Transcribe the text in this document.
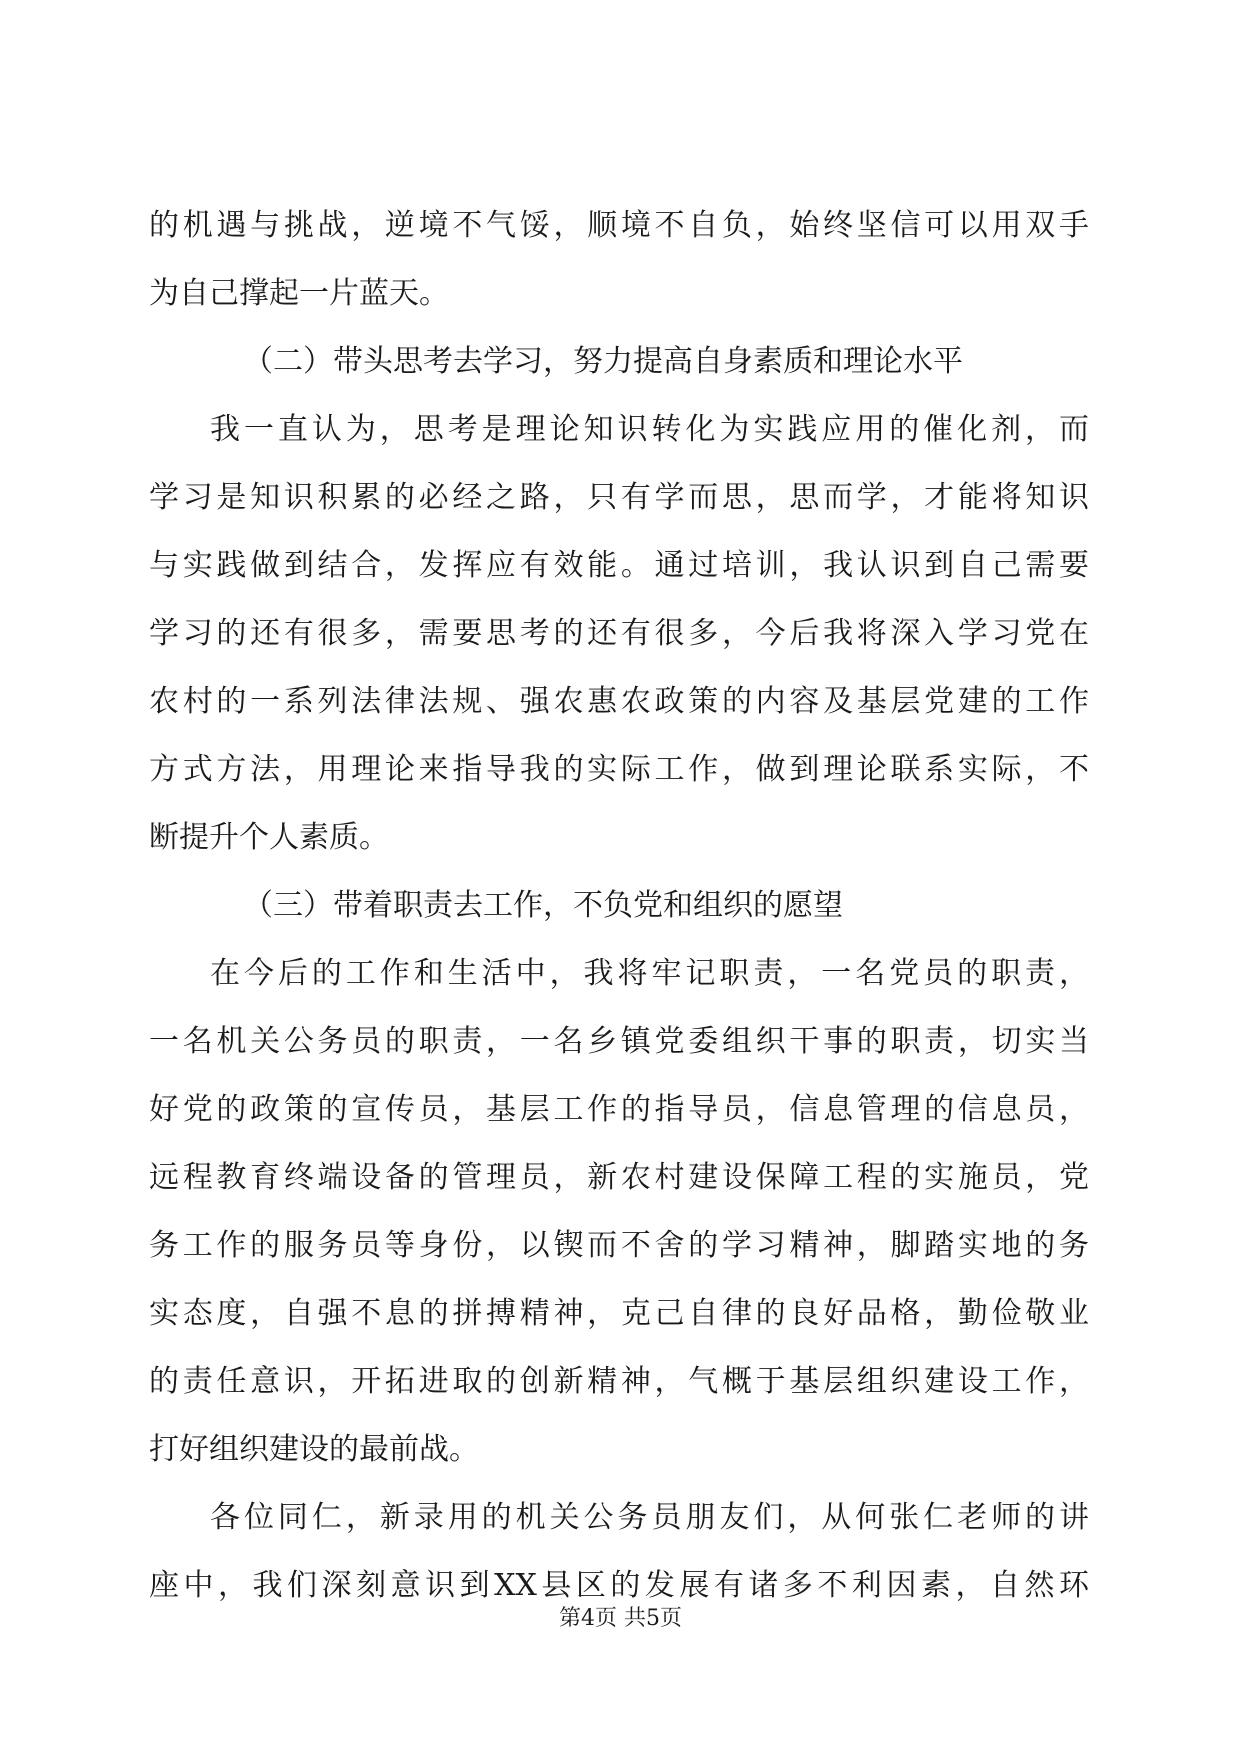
的机遇与挑战，逆境不气馁，顺境不自负，始终坚信可以用双手
为自己撑起一片蓝天。
（二）带头思考去学习，努力提高自身素质和理论水平
我一直认为，思考是理论知识转化为实践应用的催化剂，而
学习是知识积累的必经之路，只有学而思，思而学，才能将知识
与实践做到结合，发挥应有效能。通过培训，我认识到自己需要
学习的还有很多，需要思考的还有很多，今后我将深入学习党在
农村的一系列法律法规、强农惠农政策的内容及基层党建的工作
方式方法，用理论来指导我的实际工作，做到理论联系实际，不
断提升个人素质。
（三）带着职责去工作，不负党和组织的愿望
在今后的工作和生活中，我将牢记职责，一名党员的职责，
一名机关公务员的职责，一名乡镇党委组织干事的职责，切实当
好党的政策的宣传员，基层工作的指导员，信息管理的信息员，
远程教育终端设备的管理员，新农村建设保障工程的实施员，党
务工作的服务员等身份，以锲而不舍的学习精神，脚踏实地的务
实态度，自强不息的拼搏精神，克己自律的良好品格，勤俭敬业
的责任意识，开拓进取的创新精神，气概于基层组织建设工作，
打好组织建设的最前战。
各位同仁，新录用的机关公务员朋友们，从何张仁老师的讲
座中，我们深刻意识到XX县区的发展有诸多不利因素，自然环
第4页 共5页
